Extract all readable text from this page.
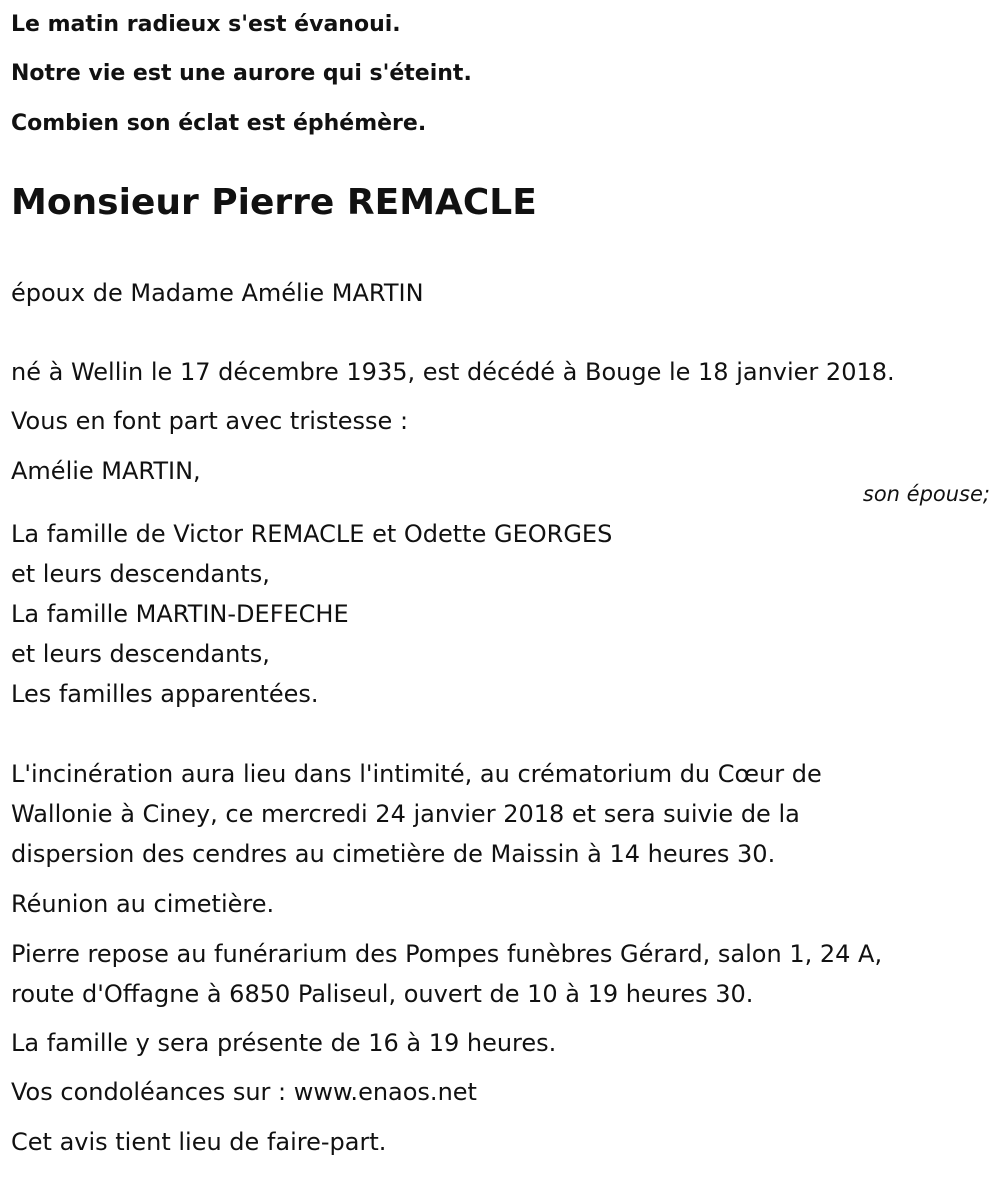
Le matin radieux s'est évanoui.
Notre vie est une aurore qui s'éteint.
Combien son éclat est éphémère.
Monsieur Pierre REMACLE
époux de Madame Amélie MARTIN
né à Wellin le 17 décembre 1935, est décédé à Bouge le 18 janvier 2018.
Vous en font part avec tristesse :
Amélie MARTIN,
son épouse;
La famille de Victor REMACLE et Odette GEORGES
et leurs descendants,
La famille MARTIN-DEFECHE
et leurs descendants,
Les familles apparentées.
L'incinération aura lieu dans l'intimité, au crématorium du Cœur de
Wallonie à Ciney, ce mercredi 24 janvier 2018 et sera suivie de la
dispersion des cendres au cimetière de Maissin à 14 heures 30.
Réunion au cimetière.
Pierre repose au funérarium des Pompes funèbres Gérard, salon 1, 24 A,
route d'Offagne à 6850 Paliseul, ouvert de 10 à 19 heures 30.
La famille y sera présente de 16 à 19 heures.
Vos condoléances sur : www.enaos.net
Cet avis tient lieu de faire-part.
